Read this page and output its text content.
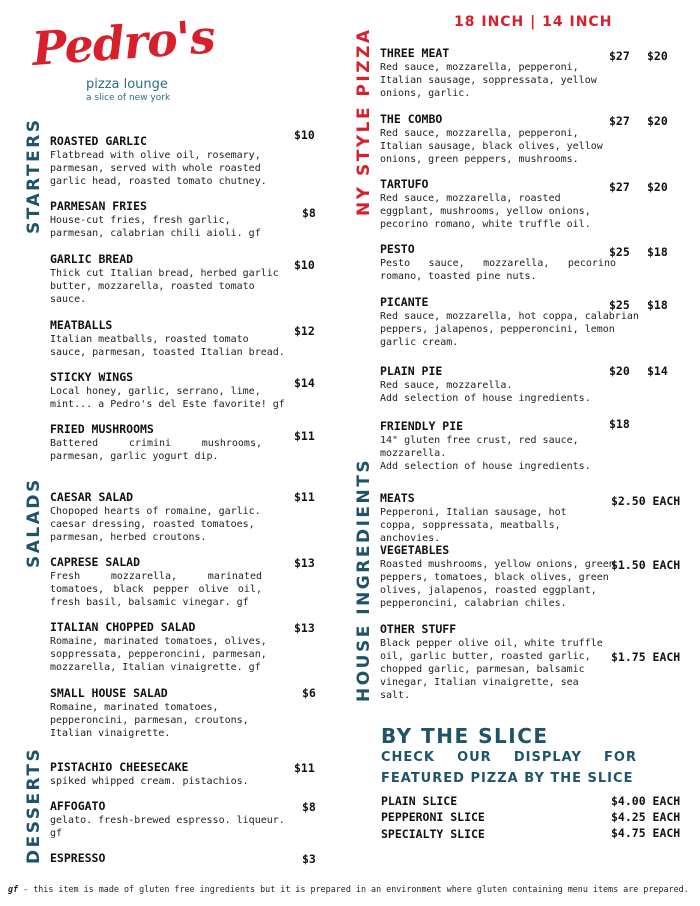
Pedro's
pizza lounge
a slice of new york
18 INCH | 14 INCH
STARTERS
SALADS
DESSERTS
NY STYLE PIZZA
HOUSE INGREDIENTS
ROASTED GARLIC
Flatbread with olive oil, rosemary, parmesan, served with whole roasted garlic head, roasted tomato chutney.
$10
PARMESAN FRIES
House-cut fries, fresh garlic, parmesan, calabrian chili aioli. gf
$8
GARLIC BREAD
Thick cut Italian bread, herbed garlic butter, mozzarella, roasted tomato sauce.
$10
MEATBALLS
Italian meatballs, roasted tomato sauce, parmesan, toasted Italian bread.
$12
STICKY WINGS
Local honey, garlic, serrano, lime, mint... a Pedro's del Este favorite! gf
$14
FRIED MUSHROOMS
Battered crimini mushrooms, parmesan, garlic yogurt dip.
$11
CAESAR SALAD
Chopoped hearts of romaine, garlic. caesar dressing, roasted tomatoes, parmesan, herbed croutons.
$11
CAPRESE SALAD
Fresh mozzarella, marinated tomatoes, black pepper olive oil, fresh basil, balsamic vinegar. gf
$13
ITALIAN CHOPPED SALAD
Romaine, marinated tomatoes, olives, soppressata, pepperoncini, parmesan, mozzarella, Italian vinaigrette. gf
$13
SMALL HOUSE SALAD
Romaine, marinated tomatoes, pepperoncini, parmesan, croutons, Italian vinaigrette.
$6
PISTACHIO CHEESECAKE
spiked whipped cream. pistachios.
$11
AFFOGATO
gelato. fresh-brewed espresso. liqueur. gf
$8
ESPRESSO	$3
THREE MEAT
Red sauce, mozzarella, pepperoni, Italian sausage, soppressata, yellow onions, garlic.
$27 $20
THE COMBO
Red sauce, mozzarella, pepperoni, Italian sausage, black olives, yellow onions, green peppers, mushrooms.
$27 $20
TARTUFO
Red sauce, mozzarella, roasted eggplant, mushrooms, yellow onions, pecorino romano, white truffle oil.
$27 $20
PESTO
Pesto sauce, mozzarella, pecorino romano, toasted pine nuts.
$25 $18
PICANTE
Red sauce, mozzarella, hot coppa, calabrian peppers, jalapenos, pepperoncini, lemon garlic cream.
$25 $18
PLAIN PIE
Red sauce, mozzarella.
Add selection of house ingredients.
$20 $14
FRIENDLY PIE
14" gluten free crust, red sauce, mozzarella.
Add selection of house ingredients.
$18
MEATS
Pepperoni, Italian sausage, hot coppa, soppressata, meatballs, anchovies.
$2.50 EACH
VEGETABLES
Roasted mushrooms, yellow onions, green peppers, tomatoes, black olives, green olives, jalapenos, roasted eggplant, pepperoncini, calabrian chiles.
$1.50 EACH
OTHER STUFF
Black pepper olive oil, white truffle oil, garlic butter, roasted garlic, chopped garlic, parmesan, balsamic vinegar, Italian vinaigrette, sea salt.
$1.75 EACH
BY THE SLICE
CHECK OUR DISPLAY FOR
FEATURED PIZZA BY THE SLICE
PLAIN SLICE	$4.00 EACH
PEPPERONI SLICE	$4.25 EACH
SPECIALTY SLICE	$4.75 EACH
gf - this item is made of gluten free ingredients but it is prepared in an environment where gluten containing menu items are prepared.
